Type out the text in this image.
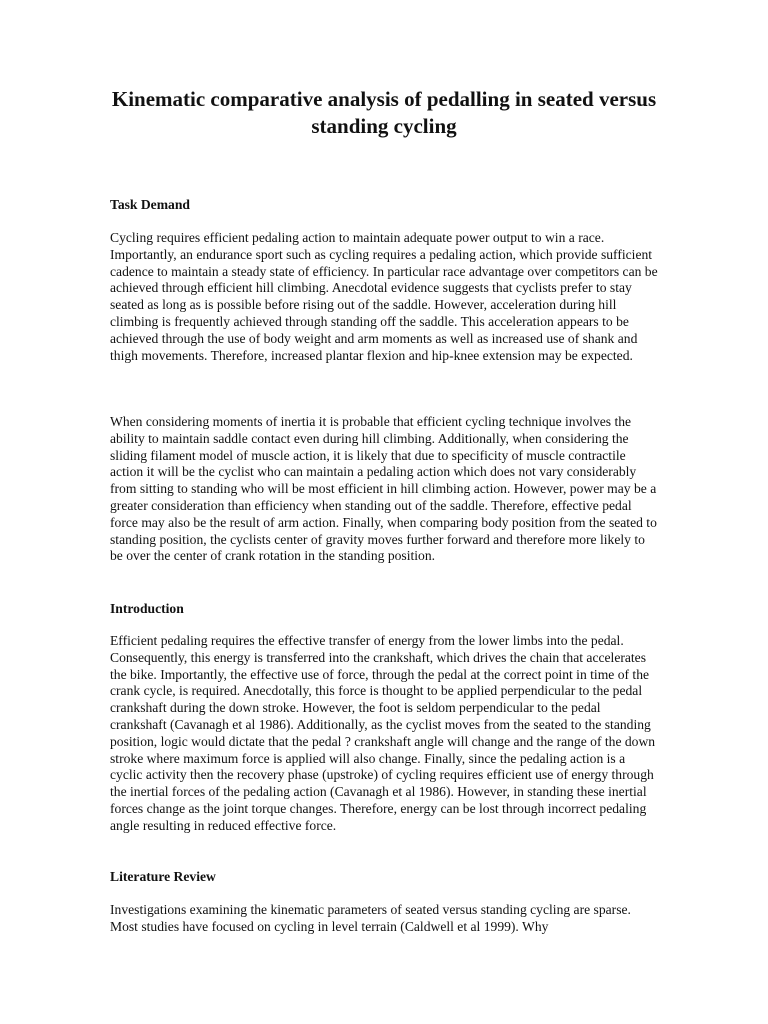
Kinematic comparative analysis of pedalling in seated versus standing cycling
Task Demand

Cycling requires efficient pedaling action to maintain adequate power output to win a race. Importantly, an endurance sport such as cycling requires a pedaling action, which provide sufficient cadence to maintain a steady state of efficiency. In particular race advantage over competitors can be achieved through efficient hill climbing. Anecdotal evidence suggests that cyclists prefer to stay seated as long as is possible before rising out of the saddle. However, acceleration during hill climbing is frequently achieved through standing off the saddle. This acceleration appears to be achieved through the use of body weight and arm moments as well as increased use of shank and thigh movements. Therefore, increased plantar flexion and hip-knee extension may be expected.

When considering moments of inertia it is probable that efficient cycling technique involves the ability to maintain saddle contact even during hill climbing. Additionally, when considering the sliding filament model of muscle action, it is likely that due to specificity of muscle contractile action it will be the cyclist who can maintain a pedaling action which does not vary considerably from sitting to standing who will be most efficient in hill climbing action. However, power may be a greater consideration than efficiency when standing out of the saddle. Therefore, effective pedal force may also be the result of arm action. Finally, when comparing body position from the seated to standing position, the cyclists center of gravity moves further forward and therefore more likely to be over the center of crank rotation in the standing position.

Introduction

Efficient pedaling requires the effective transfer of energy from the lower limbs into the pedal. Consequently, this energy is transferred into the crankshaft, which drives the chain that accelerates the bike. Importantly, the effective use of force, through the pedal at the correct point in time of the crank cycle, is required. Anecdotally, this force is thought to be applied perpendicular to the pedal crankshaft during the down stroke. However, the foot is seldom perpendicular to the pedal crankshaft (Cavanagh et al 1986). Additionally, as the cyclist moves from the seated to the standing position, logic would dictate that the pedal ? crankshaft angle will change and the range of the down stroke where maximum force is applied will also change. Finally, since the pedaling action is a cyclic activity then the recovery phase (upstroke) of cycling requires efficient use of energy through the inertial forces of the pedaling action (Cavanagh et al 1986). However, in standing these inertial forces change as the joint torque changes. Therefore, energy can be lost through incorrect pedaling angle resulting in reduced effective force.

Literature Review

Investigations examining the kinematic parameters of seated versus standing cycling are sparse. Most studies have focused on cycling in level terrain (Caldwell et al 1999). Why
